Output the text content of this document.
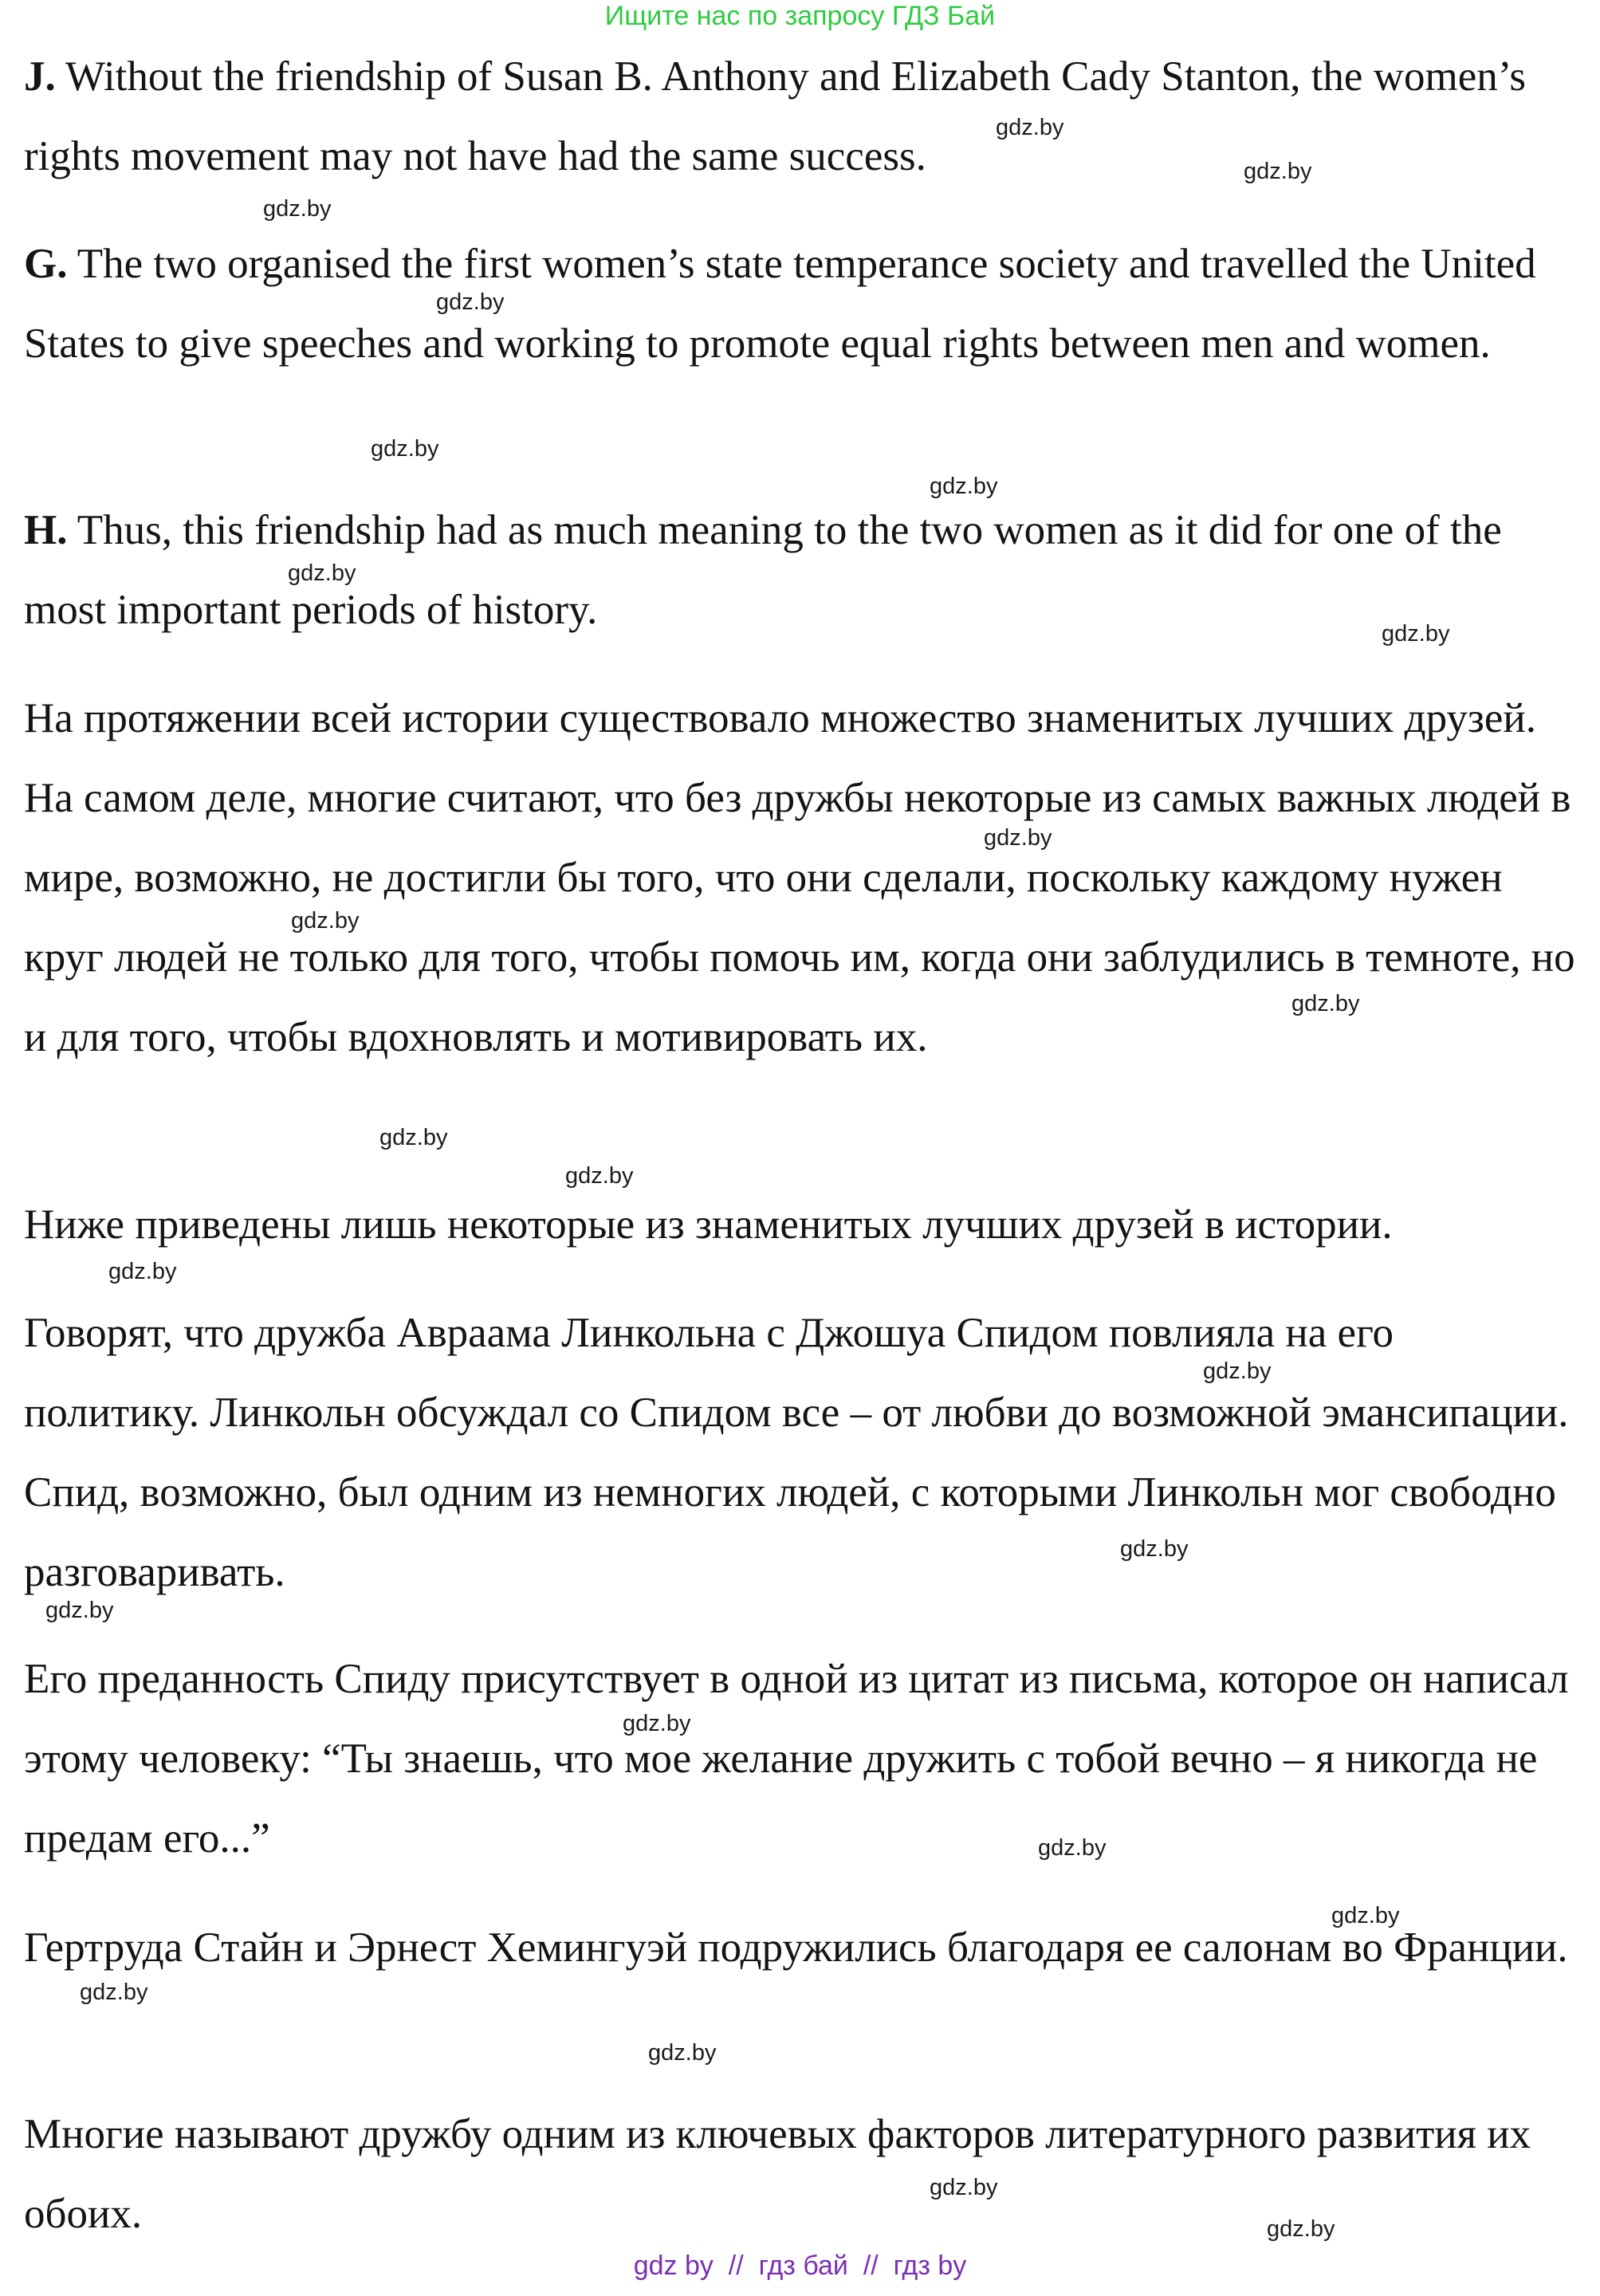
Ищите нас по запросу ГДЗ Бай

J. Without the friendship of Susan B. Anthony and Elizabeth Cady Stanton, the women’s rights movement may not have had the same success.

G. The two organised the first women’s state temperance society and travelled the United States to give speeches and working to promote equal rights between men and women.

H. Thus, this friendship had as much meaning to the two women as it did for one of the most important periods of history.

На протяжении всей истории существовало множество знаменитых лучших друзей. На самом деле, многие считают, что без дружбы некоторые из самых важных людей в мире, возможно, не достигли бы того, что они сделали, поскольку каждому нужен круг людей не только для того, чтобы помочь им, когда они заблудились в темноте, но и для того, чтобы вдохновлять и мотивировать их.

Ниже приведены лишь некоторые из знаменитых лучших друзей в истории.

Говорят, что дружба Авраама Линкольна с Джошуа Спидом повлияла на его политику. Линкольн обсуждал со Спидом все – от любви до возможной эмансипации. Спид, возможно, был одним из немногих людей, с которыми Линкольн мог свободно разговаривать.

Его преданность Спиду присутствует в одной из цитат из письма, которое он написал этому человеку: “Ты знаешь, что мое желание дружить с тобой вечно – я никогда не предам его...”

Гертруда Стайн и Эрнест Хемингуэй подружились благодаря ее салонам во Франции.

Многие называют дружбу одним из ключевых факторов литературного развития их обоих.

gdz.by
gdz.by
gdz.by
gdz.by
gdz.by
gdz.by
gdz.by
gdz.by
gdz.by
gdz.by
gdz.by
gdz.by
gdz.by
gdz.by
gdz.by
gdz.by
gdz.by
gdz.by
gdz.by
gdz.by
gdz.by
gdz.by
gdz.by
gdz.by
gdz by  //  гдз бай  //  гдз by
